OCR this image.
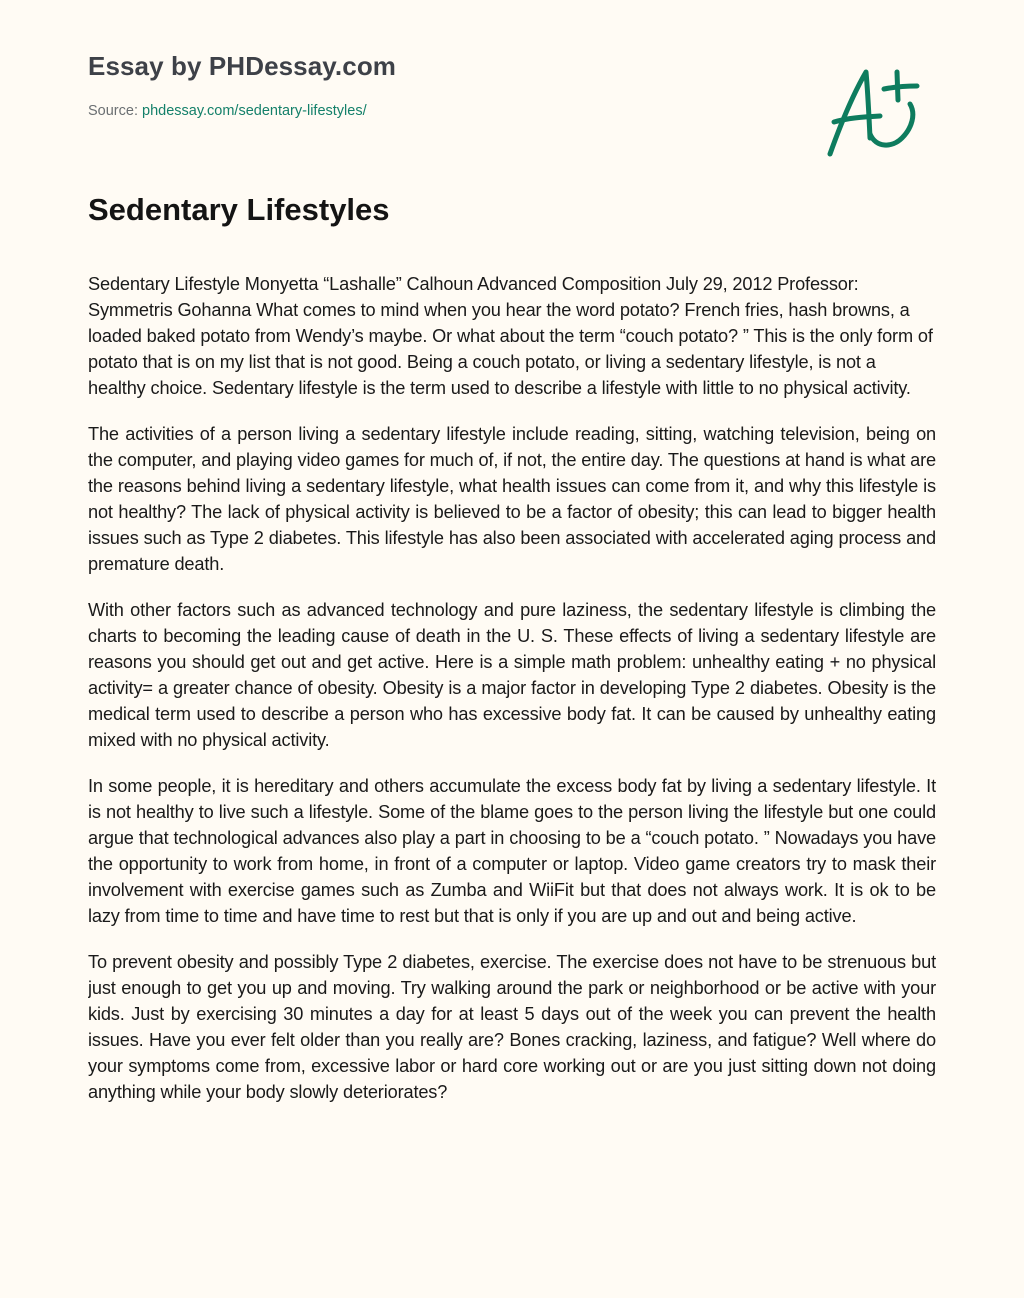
Essay by PHDessay.com
Source: phdessay.com/sedentary-lifestyles/
Sedentary Lifestyles

Sedentary Lifestyle Monyetta “Lashalle” Calhoun Advanced Composition July 29, 2012 Professor: Symmetris Gohanna What comes to mind when you hear the word potato? French fries, hash browns, a loaded baked potato from Wendy’s maybe. Or what about the term “couch potato? ” This is the only form of potato that is on my list that is not good. Being a couch potato, or living a sedentary lifestyle, is not a healthy choice. Sedentary lifestyle is the term used to describe a lifestyle with little to no physical activity.

The activities of a person living a sedentary lifestyle include reading, sitting, watching television, being on the computer, and playing video games for much of, if not, the entire day. The questions at hand is what are the reasons behind living a sedentary lifestyle, what health issues can come from it, and why this lifestyle is not healthy? The lack of physical activity is believed to be a factor of obesity; this can lead to bigger health issues such as Type 2 diabetes. This lifestyle has also been associated with accelerated aging process and premature death.

With other factors such as advanced technology and pure laziness, the sedentary lifestyle is climbing the charts to becoming the leading cause of death in the U. S. These effects of living a sedentary lifestyle are reasons you should get out and get active. Here is a simple math problem: unhealthy eating + no physical activity= a greater chance of obesity. Obesity is a major factor in developing Type 2 diabetes. Obesity is the medical term used to describe a person who has excessive body fat. It can be caused by unhealthy eating mixed with no physical activity.

In some people, it is hereditary and others accumulate the excess body fat by living a sedentary lifestyle. It is not healthy to live such a lifestyle. Some of the blame goes to the person living the lifestyle but one could argue that technological advances also play a part in choosing to be a “couch potato. ” Nowadays you have the opportunity to work from home, in front of a computer or laptop. Video game creators try to mask their involvement with exercise games such as Zumba and WiiFit but that does not always work. It is ok to be lazy from time to time and have time to rest but that is only if you are up and out and being active.

To prevent obesity and possibly Type 2 diabetes, exercise. The exercise does not have to be strenuous but just enough to get you up and moving. Try walking around the park or neighborhood or be active with your kids. Just by exercising 30 minutes a day for at least 5 days out of the week you can prevent the health issues. Have you ever felt older than you really are? Bones cracking, laziness, and fatigue? Well where do your symptoms come from, excessive labor or hard core working out or are you just sitting down not doing anything while your body slowly deteriorates?
